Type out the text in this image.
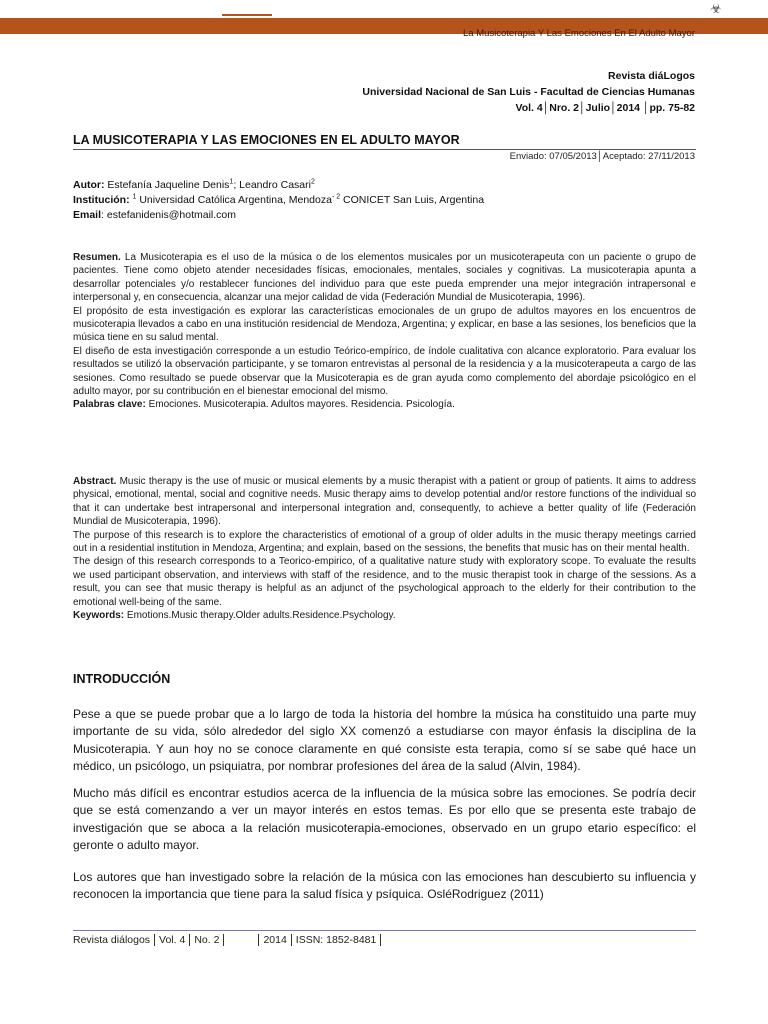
☣
La Musicoterapia Y Las Emociones En El Adulto Mayor
Revista diáLogos
Universidad Nacional de San Luis - Facultad de Ciencias Humanas
Vol. 4│Nro. 2│Julio│2014 │pp. 75-82
LA MUSICOTERAPIA Y LAS EMOCIONES EN EL ADULTO MAYOR
Enviado: 07/05/2013│Aceptado: 27/11/2013
Autor: Estefanía Jaqueline Denis$^1$; Leandro Casari$^2$
Institución: $^1$ Universidad Católica Argentina, Mendoza$^{- 2}$ CONICET San Luis, Argentina
Email: estefanidenis@hotmail.com

Resumen. La Musicoterapia es el uso de la música o de los elementos musicales por un musicoterapeuta con un paciente o grupo de pacientes. Tiene como objeto atender necesidades físicas, emocionales, mentales, sociales y cognitivas. La musicoterapia apunta a desarrollar potenciales y/o restablecer funciones del individuo para que este pueda emprender una mejor integración intrapersonal e interpersonal y, en consecuencia, alcanzar una mejor calidad de vida (Federación Mundial de Musicoterapia, 1996).

El propósito de esta investigación es explorar las características emocionales de un grupo de adultos mayores en los encuentros de musicoterapia llevados a cabo en una institución residencial de Mendoza, Argentina; y explicar, en base a las sesiones, los beneficios que la música tiene en su salud mental.

El diseño de esta investigación corresponde a un estudio Teórico-empírico, de índole cualitativa con alcance exploratorio. Para evaluar los resultados se utilizó la observación participante, y se tomaron entrevistas al personal de la residencia y a la musicoterapeuta a cargo de las sesiones. Como resultado se puede observar que la Musicoterapia es de gran ayuda como complemento del abordaje psicológico en el adulto mayor, por su contribución en el bienestar emocional del mismo.

Palabras clave: Emociones. Musicoterapia. Adultos mayores. Residencia. Psicología.

Abstract. Music therapy is the use of music or musical elements by a music therapist with a patient or group of patients. It aims to address physical, emotional, mental, social and cognitive needs. Music therapy aims to develop potential and/or restore functions of the individual so that it can undertake best intrapersonal and interpersonal integration and, consequently, to achieve a better quality of life (Federación Mundial de Musicoterapia, 1996).

The purpose of this research is to explore the characteristics of emotional of a group of older adults in the music therapy meetings carried out in a residential institution in Mendoza, Argentina; and explain, based on the sessions, the benefits that music has on their mental health.

The design of this research corresponds to a Teorico-empirico, of a qualitative nature study with exploratory scope. To evaluate the results we used participant observation, and interviews with staff of the residence, and to the music therapist took in charge of the sessions. As a result, you can see that music therapy is helpful as an adjunct of the psychological approach to the elderly for their contribution to the emotional well-being of the same.

Keywords: Emotions.Music therapy.Older adults.Residence.Psychology.

INTRODUCCIÓN

Pese a que se puede probar que a lo largo de toda la historia del hombre la música ha constituido una parte muy importante de su vida, sólo alrededor del siglo XX comenzó a estudiarse con mayor énfasis la disciplina de la Musicoterapia. Y aun hoy no se conoce claramente en qué consiste esta terapia, como sí se sabe qué hace un médico, un psicólogo, un psiquiatra, por nombrar profesiones del área de la salud (Alvin, 1984).

Mucho más difícil es encontrar estudios acerca de la influencia de la música sobre las emociones. Se podría decir que se está comenzando a ver un mayor interés en estos temas. Es por ello que se presenta este trabajo de investigación que se aboca a la relación musicoterapia-emociones, observado en un grupo etario específico: el geronte o adulto mayor.

Los autores que han investigado sobre la relación de la música con las emociones han descubierto su influencia y reconocen la importancia que tiene para la salud física y psíquica. OsléRodriguez (2011)

Revista diálogos Vol. 4 No. 2	2014 ISSN: 1852-8481
